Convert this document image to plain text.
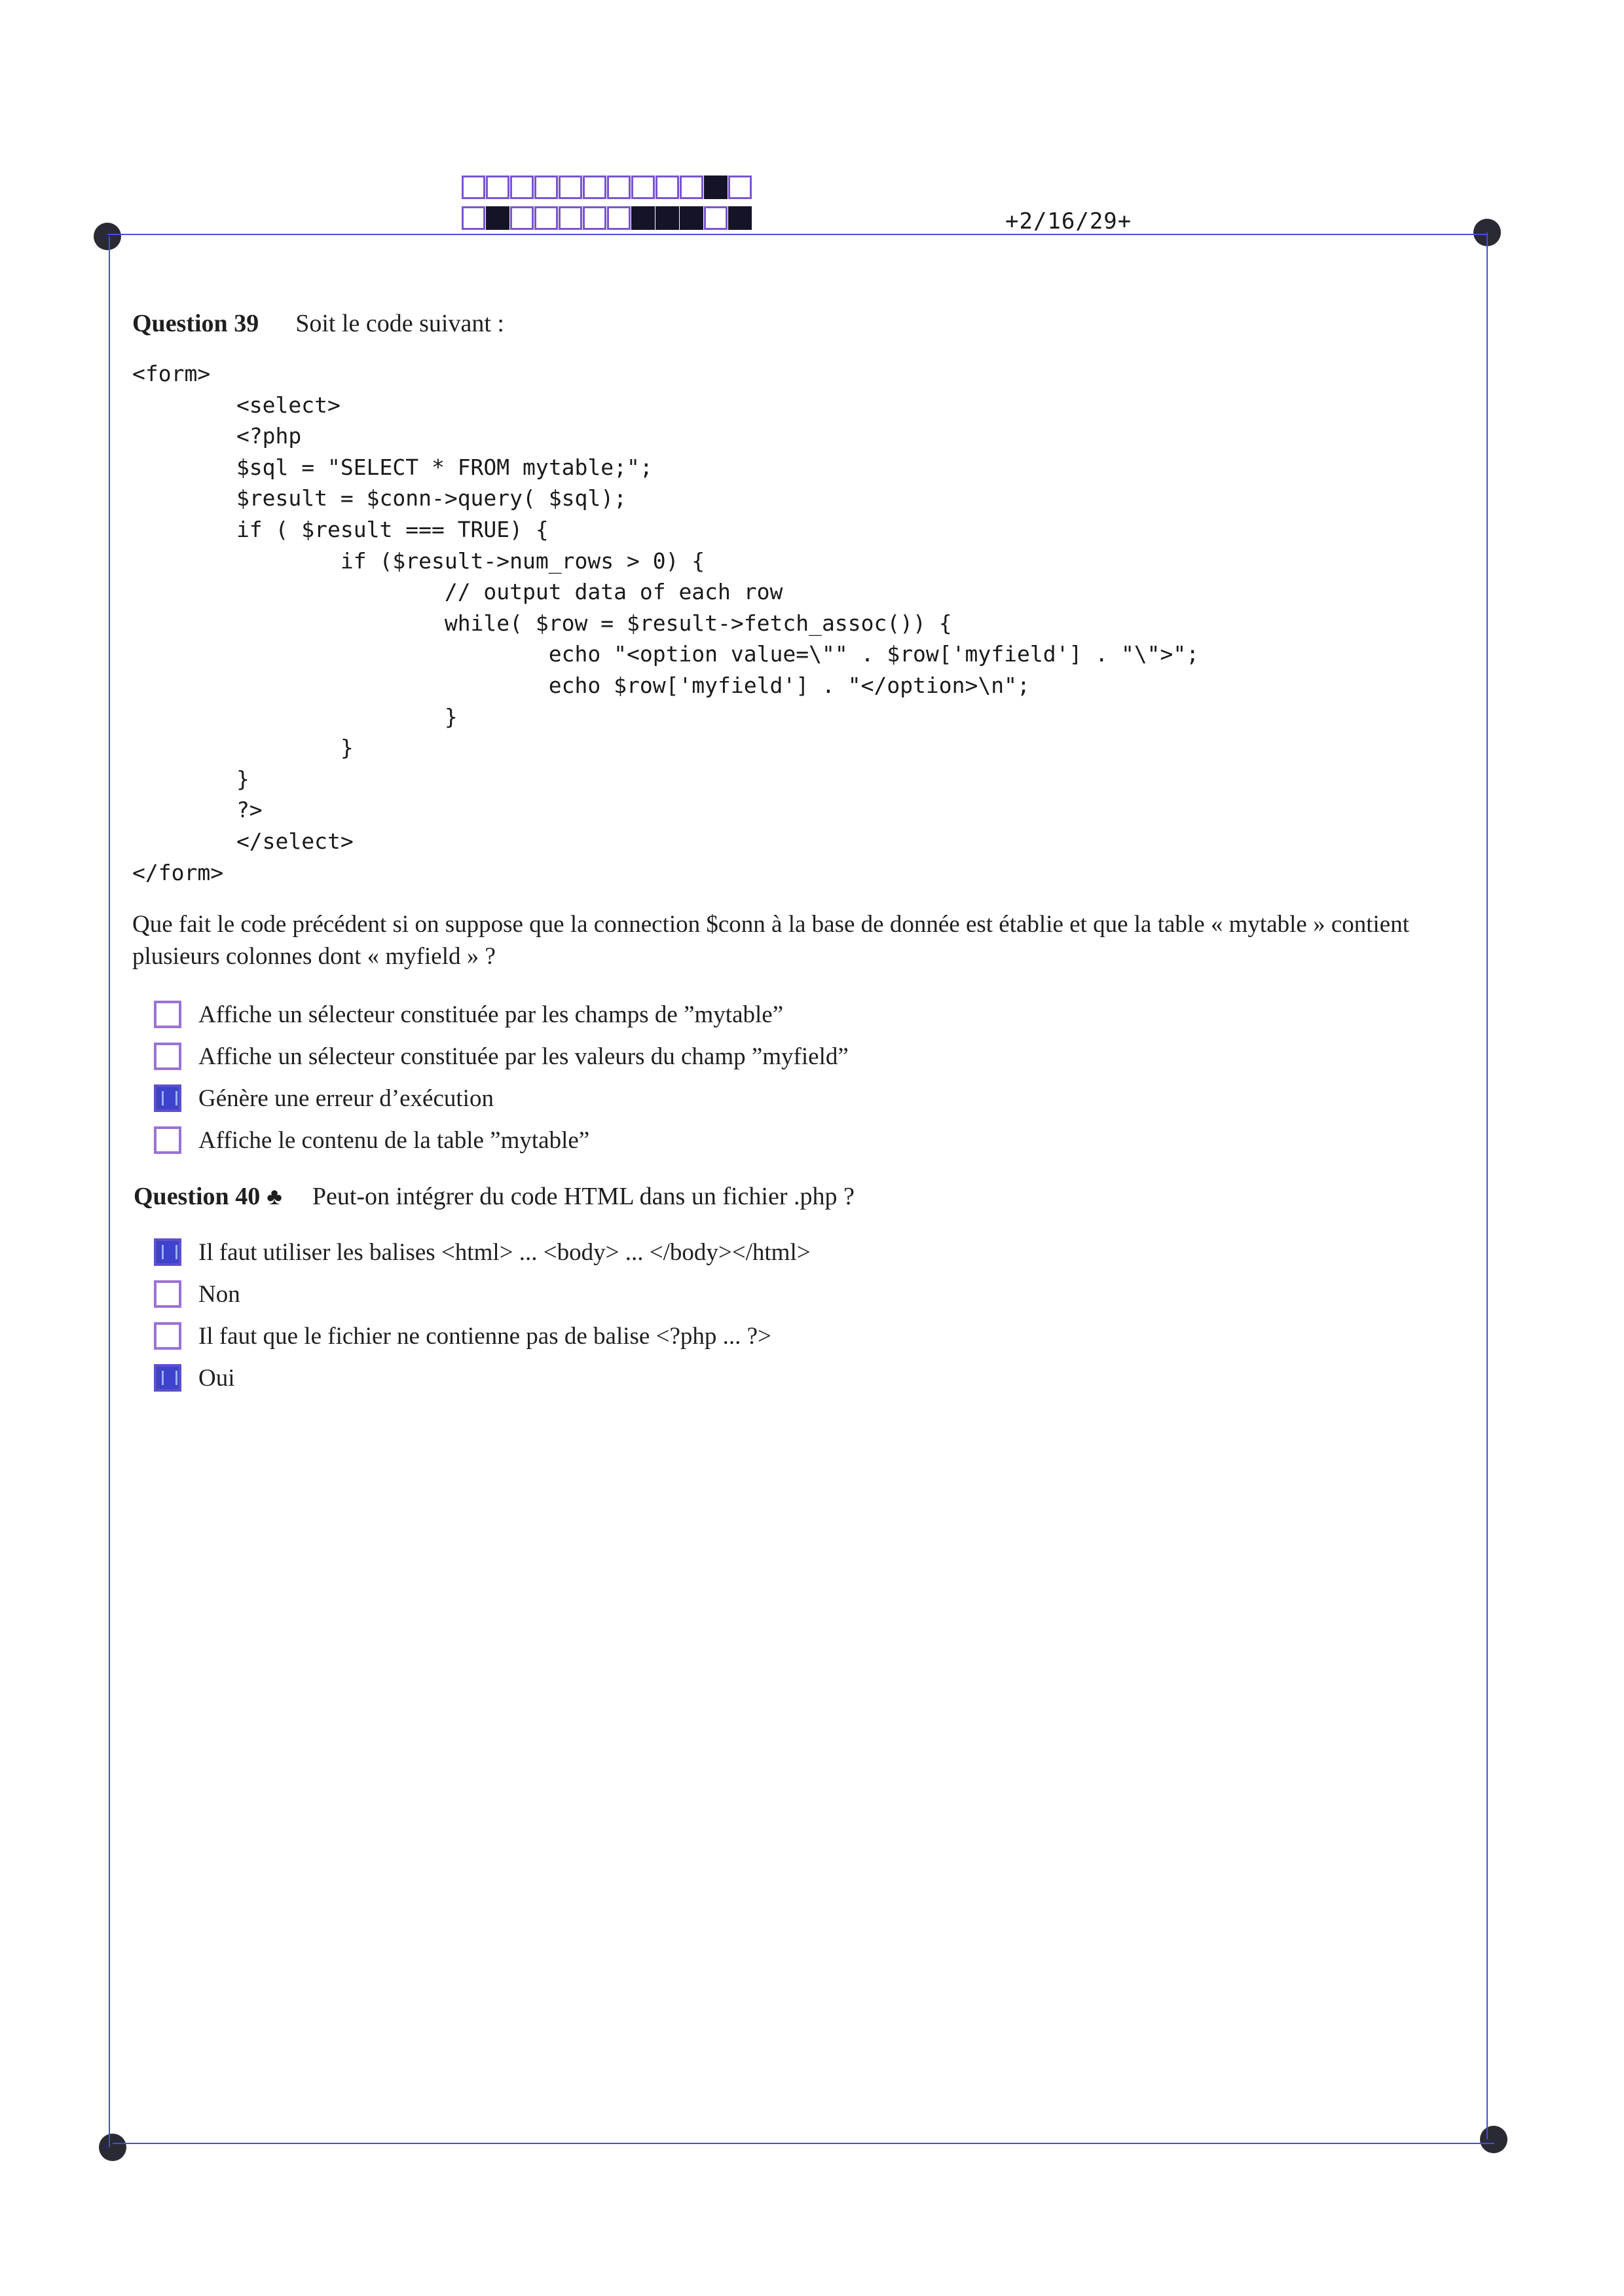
+2/16/29+
Question 39 Soit le code suivant :
<form>
<select>
<?php
$sql = "SELECT * FROM mytable;";
$result = $conn->query( $sql);
if ( $result === TRUE) {
if ($result->num_rows > 0) {
// output data of each row
while( $row = $result->fetch_assoc()) {
echo "<option value=\"" . $row['myfield'] . "\">";
echo $row['myfield'] . "</option>\n";
}
}
}
?>
</select>
</form>
Que fait le code précédent si on suppose que la connection $conn à la base de donnée est établie et que la table « mytable » contient plusieurs colonnes dont « myfield » ?
Affiche un sélecteur constituée par les champs de ”mytable”
Affiche un sélecteur constituée par les valeurs du champ ”myfield”
Génère une erreur d’exécution
Affiche le contenu de la table ”mytable”
Question 40 ♣ Peut-on intégrer du code HTML dans un fichier .php ?
Il faut utiliser les balises <html> ... <body> ... </body></html>
Non
Il faut que le fichier ne contienne pas de balise <?php ... ?>
Oui
